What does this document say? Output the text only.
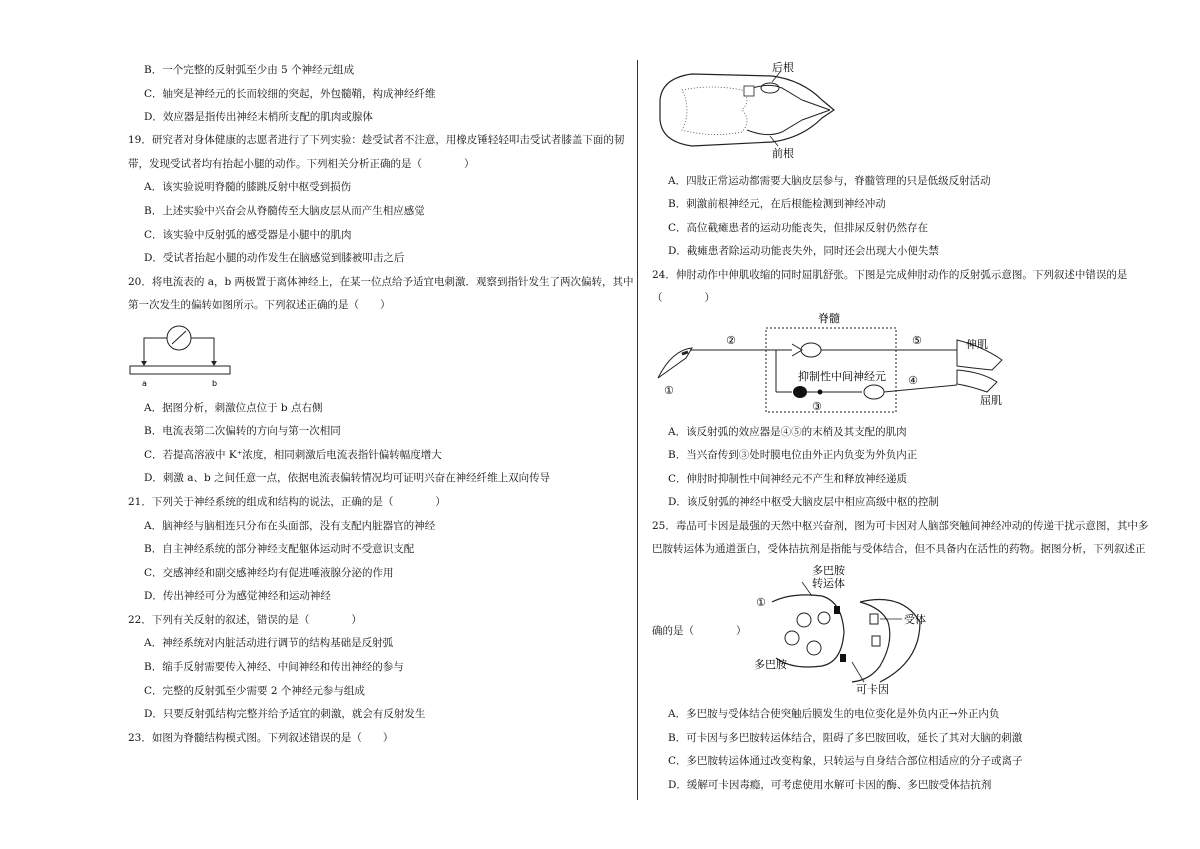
B．一个完整的反射弧至少由 5 个神经元组成
C．轴突是神经元的长而较细的突起，外包髓鞘，构成神经纤维
D．效应器是指传出神经末梢所支配的肌肉或腺体
19．研究者对身体健康的志愿者进行了下列实验：趁受试者不注意，用橡皮锤轻轻叩击受试者膝盖下面的韧
带，发现受试者均有抬起小腿的动作。下列相关分析正确的是（　　　　）
A．该实验说明脊髓的膝跳反射中枢受到损伤
B．上述实验中兴奋会从脊髓传至大脑皮层从而产生相应感觉
C．该实验中反射弧的感受器是小腿中的肌肉
D．受试者抬起小腿的动作发生在脑感觉到膝被叩击之后
20．将电流表的 a，b 两极置于离体神经上，在某一位点给予适宜电刺激．观察到指针发生了两次偏转，其中
第一次发生的偏转如图所示。下列叙述正确的是（　　）
a	b
A．据图分析，刺激位点位于 b 点右侧
B．电流表第二次偏转的方向与第一次相同
C．若提高溶液中 K⁺浓度，相同刺激后电流表指针偏转幅度增大
D．刺激 a、b 之间任意一点，依据电流表偏转情况均可证明兴奋在神经纤维上双向传导
21．下列关于神经系统的组成和结构的说法，正确的是（　　　　）
A．脑神经与脑相连只分布在头面部，没有支配内脏器官的神经
B．自主神经系统的部分神经支配躯体运动时不受意识支配
C．交感神经和副交感神经均有促进唾液腺分泌的作用
D．传出神经可分为感觉神经和运动神经
22．下列有关反射的叙述，错误的是（　　　　）
A．神经系统对内脏活动进行调节的结构基础是反射弧
B．缩手反射需要传入神经、中间神经和传出神经的参与
C．完整的反射弧至少需要 2 个神经元参与组成
D．只要反射弧结构完整并给予适宜的刺激，就会有反射发生
23．如图为脊髓结构模式图。下列叙述错误的是（　　）
后根
前根
A．四肢正常运动都需要大脑皮层参与，脊髓管理的只是低级反射活动
B．刺激前根神经元，在后根能检测到神经冲动
C．高位截瘫患者的运动功能丧失，但排尿反射仍然存在
D．截瘫患者除运动功能丧失外，同时还会出现大小便失禁
24．伸肘动作中伸肌收缩的同时屈肌舒张。下图是完成伸肘动作的反射弧示意图。下列叙述中错误的是
（　　　　）
脊髓
伸肌
屈肌
抑制性中间神经元
①
②
③
④
⑤
A．该反射弧的效应器是④⑤的末梢及其支配的肌肉
B．当兴奋传到③处时膜电位由外正内负变为外负内正
C．伸肘时抑制性中间神经元不产生和释放神经递质
D．该反射弧的神经中枢受大脑皮层中相应高级中枢的控制
25．毒品可卡因是最强的天然中枢兴奋剂，图为可卡因对人脑部突触间神经冲动的传递干扰示意图，其中多
巴胺转运体为通道蛋白，受体拮抗剂是指能与受体结合，但不具备内在活性的药物。据图分析，下列叙述正
确的是（　　　　）
多巴胺
转运体
受体
①
多巴胺
可卡因
A．多巴胺与受体结合使突触后膜发生的电位变化是外负内正→外正内负
B．可卡因与多巴胺转运体结合，阻碍了多巴胺回收，延长了其对大脑的刺激
C．多巴胺转运体通过改变构象，只转运与自身结合部位相适应的分子或离子
D．缓解可卡因毒瘾，可考虑使用水解可卡因的酶、多巴胺受体拮抗剂
